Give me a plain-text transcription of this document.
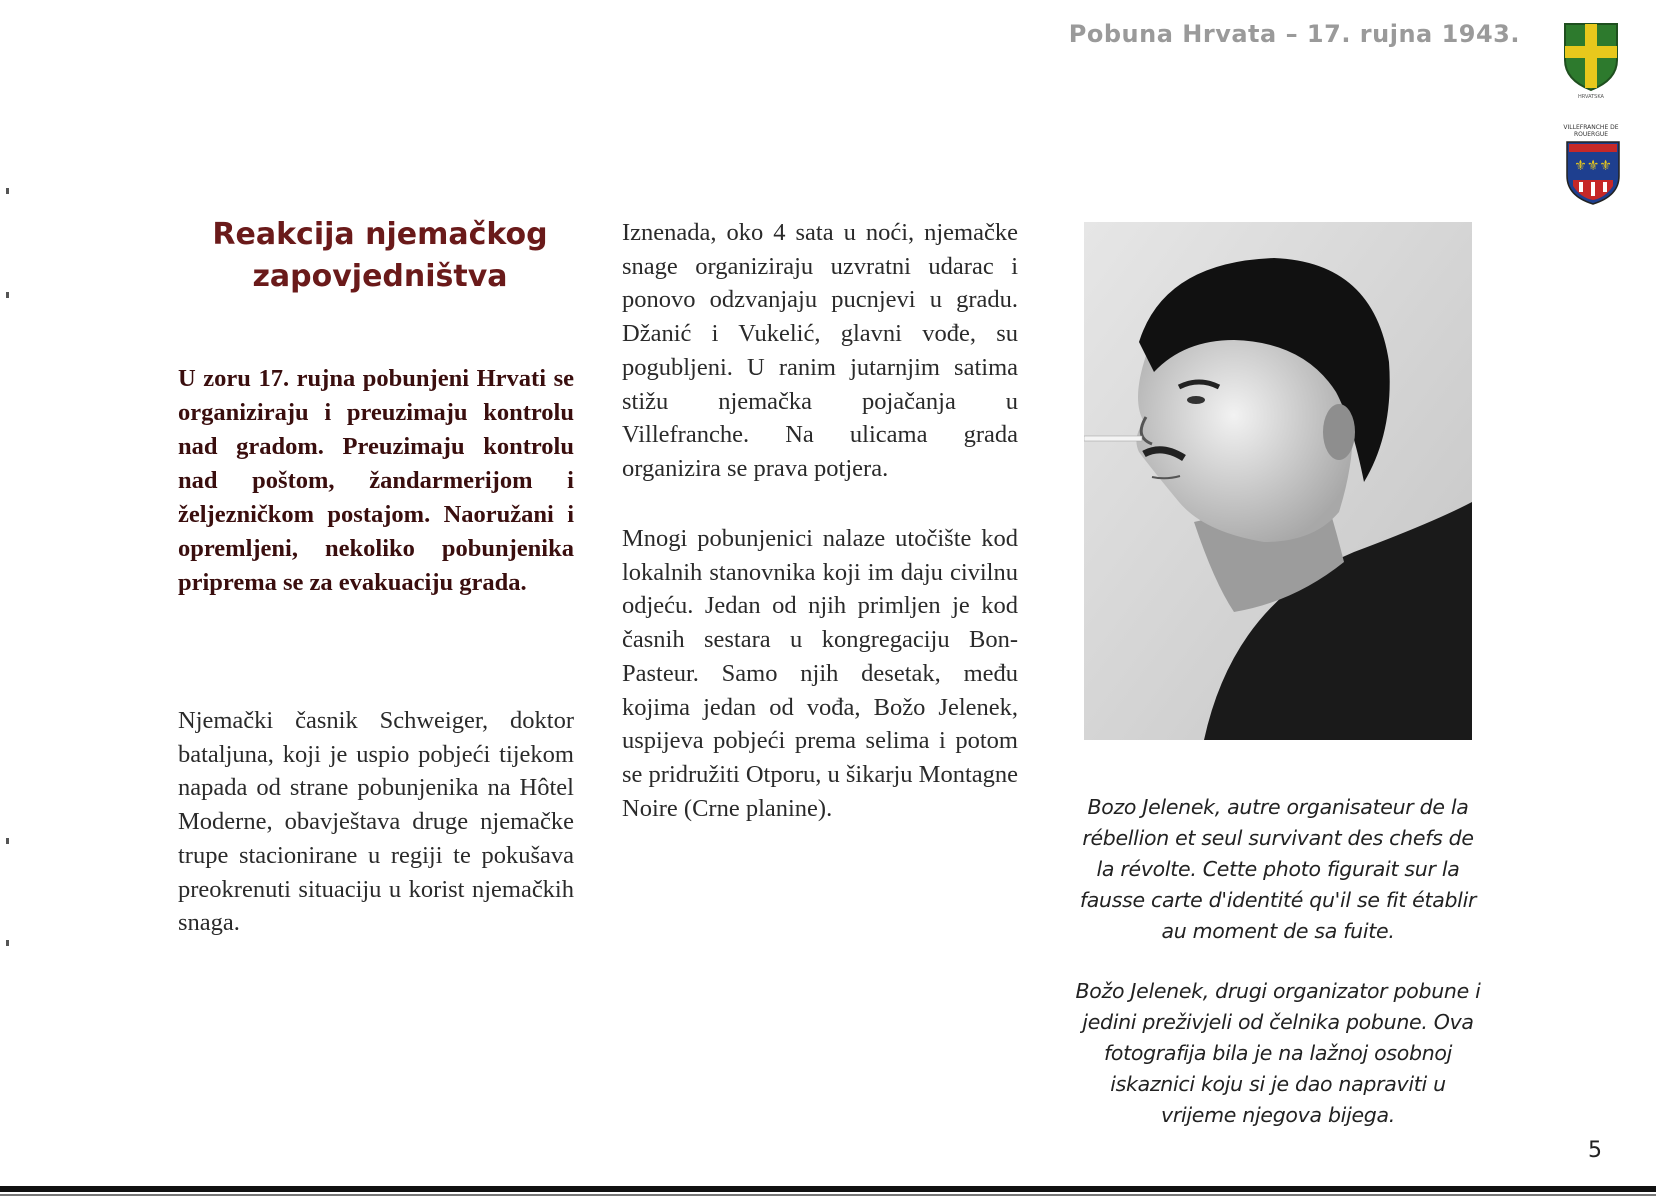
Pobuna Hrvata – 17. rujna 1943.
HRVATSKA
VILLEFRANCHE DE ROUERGUE
⚜⚜⚜
Reakcija njemačkog
zapovjedništva
U zoru 17. rujna pobunjeni Hrvati se organiziraju i preuzimaju kontrolu nad gradom. Preuzimaju kontrolu nad poštom, žandarmerijom i željezničkom postajom. Naoružani i opremljeni, nekoliko pobunjenika priprema se za evakuaciju grada.
Njemački časnik Schweiger, doktor bataljuna, koji je uspio pobjeći tijekom napada od strane pobunjenika na Hôtel Moderne, obavještava druge njemačke trupe stacionirane u regiji te pokušava preokrenuti situaciju u korist njemačkih snaga.
Iznenada, oko 4 sata u noći, njemačke snage organiziraju uzvratni udarac i ponovo odzvanjaju pucnjevi u gradu. Džanić i Vukelić, glavni vođe, su pogubljeni. U ranim jutarnjim satima stižu njemačka pojačanja u Villefranche. Na ulicama grada organizira se prava potjera.
Mnogi pobunjenici nalaze utočište kod lokalnih stanovnika koji im daju civilnu odjeću. Jedan od njih primljen je kod časnih sestara u kongregaciju Bon-Pasteur. Samo njih desetak, među kojima jedan od vođa, Božo Jelenek, uspijeva pobjeći prema selima i potom se pridružiti Otporu, u šikarju Montagne Noire (Crne planine).	Bozo Jelenek, autre organisateur de la rébellion et seul survivant des chefs de la révolte. Cette photo figurait sur la fausse carte d'identité qu'il se fit établir au moment de sa fuite.
Božo Jelenek, drugi organizator pobune i jedini preživjeli od čelnika pobune. Ova fotografija bila je na lažnoj osobnoj iskaznici koju si je dao napraviti u vrijeme njegova bijega.
5
